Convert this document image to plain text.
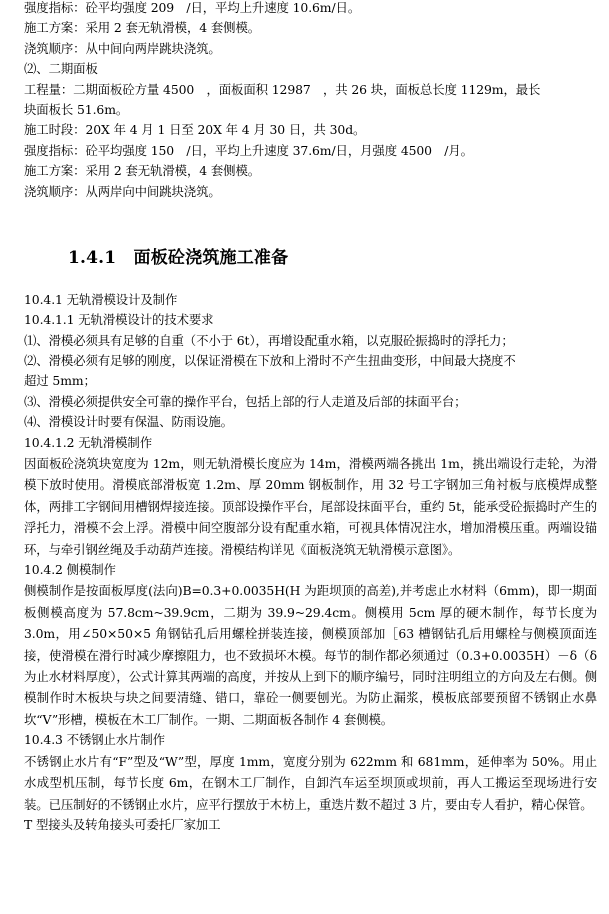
强度指标：砼平均强度 209　/日，平均上升速度 10.6m/日。
施工方案：采用 2 套无轨滑模，4 套侧模。
浇筑顺序：从中间向两岸跳块浇筑。
⑵、二期面板
工程量：二期面板砼方量 4500　，面板面积 12987　，共 26 块，面板总长度 1129m，最长
块面板长 51.6m。
施工时段：20X 年 4 月 1 日至 20X 年 4 月 30 日，共 30d。
强度指标：砼平均强度 150　/日，平均上升速度 37.6m/日，月强度 4500　/月。
施工方案：采用 2 套无轨滑模，4 套侧模。
浇筑顺序：从两岸向中间跳块浇筑。
1.4.1　面板砼浇筑施工准备
10.4.1 无轨滑模设计及制作
10.4.1.1 无轨滑模设计的技术要求
⑴、滑模必须具有足够的自重（不小于 6t），再增设配重水箱，以克服砼振捣时的浮托力；
⑵、滑模必须有足够的刚度，以保证滑模在下放和上滑时不产生扭曲变形，中间最大挠度不
超过 5mm；
⑶、滑模必须提供安全可靠的操作平台，包括上部的行人走道及后部的抹面平台；
⑷、滑模设计时要有保温、防雨设施。
10.4.1.2 无轨滑模制作
因面板砼浇筑块宽度为 12m，则无轨滑模长度应为 14m，滑模两端各挑出 1m，挑出端设行走轮，为滑模下放时使用。滑模底部滑板宽 1.2m、厚 20mm 钢板制作，用 32 号工字钢加三角衬板与底模焊成整体，两排工字钢间用槽钢焊接连接。顶部设操作平台，尾部设抹面平台，重约 5t，能承受砼振捣时产生的浮托力，滑模不会上浮。滑模中间空腹部分设有配重水箱，可视具体情况注水，增加滑模压重。两端设锚环，与牵引钢丝绳及手动葫芦连接。滑模结构详见《面板浇筑无轨滑模示意图》。
10.4.2 侧模制作
侧模制作是按面板厚度(法向)B=0.3+0.0035H(H 为距坝顶的高差),并考虑止水材料（6mm)，即一期面板侧模高度为 57.8cm~39.9cm，二期为 39.9~29.4cm。侧模用 5cm 厚的硬木制作，每节长度为 3.0m，用∠50×50×5 角钢钻孔后用螺栓拼装连接，侧模顶部加［63 槽钢钻孔后用螺栓与侧模顶面连接，使滑模在滑行时减少摩擦阻力，也不致损坏木模。每节的制作都必须通过（0.3+0.0035H）－δ（δ为止水材料厚度），公式计算其两端的高度，并按从上到下的顺序编号，同时注明组立的方向及左右侧。侧模制作时木板块与块之间要清缝、错口，靠砼一侧要刨光。为防止漏浆，模板底部要预留不锈钢止水鼻坎“V”形槽，模板在木工厂制作。一期、二期面板各制作 4 套侧模。
10.4.3 不锈钢止水片制作
不锈钢止水片有“F”型及“W”型，厚度 1mm，宽度分别为 622mm 和 681mm，延伸率为 50%。用止水成型机压制，每节长度 6m，在钢木工厂制作，自卸汽车运至坝顶或坝前，再人工搬运至现场进行安装。已压制好的不锈钢止水片，应平行摆放于木枋上，重迭片数不超过 3 片，要由专人看护，精心保管。
T 型接头及转角接头可委托厂家加工
